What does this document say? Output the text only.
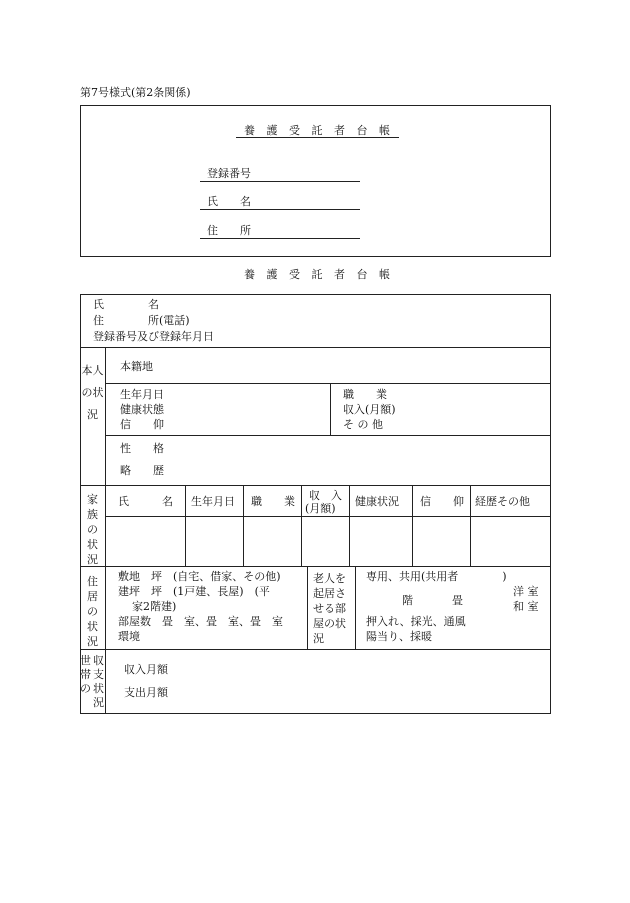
第7号様式(第2条関係)
養 護 受 託 者 台 帳
登録番号
氏　　名
住　　所
養 護 受 託 者 台 帳
氏　　　　名
住　　　　所(電話)
登録番号及び登録年月日
本人の状況
本籍地
生年月日
健康状態
信　　仰
職　　業
収入(月額)
そ の 他
性　　格
略　　歴
家族の状況
氏　　　名 生年月日 職　　業 収　入
(月額)
健康状況 信　　仰 経歴その他
住居の状況
敷地　坪　(自宅、借家、その他)
建坪　坪　(1戸建、長屋)　(平
家2階建)
部屋数　畳　室、畳　室、畳　室
環境
老人を起居させる部屋の状況
専用、共用(共用者　　　　)
階	畳
洋 室
和 室
押入れ、採光、通風
陽当り、採暖
世帯の
収支状況
収入月額
支出月額
